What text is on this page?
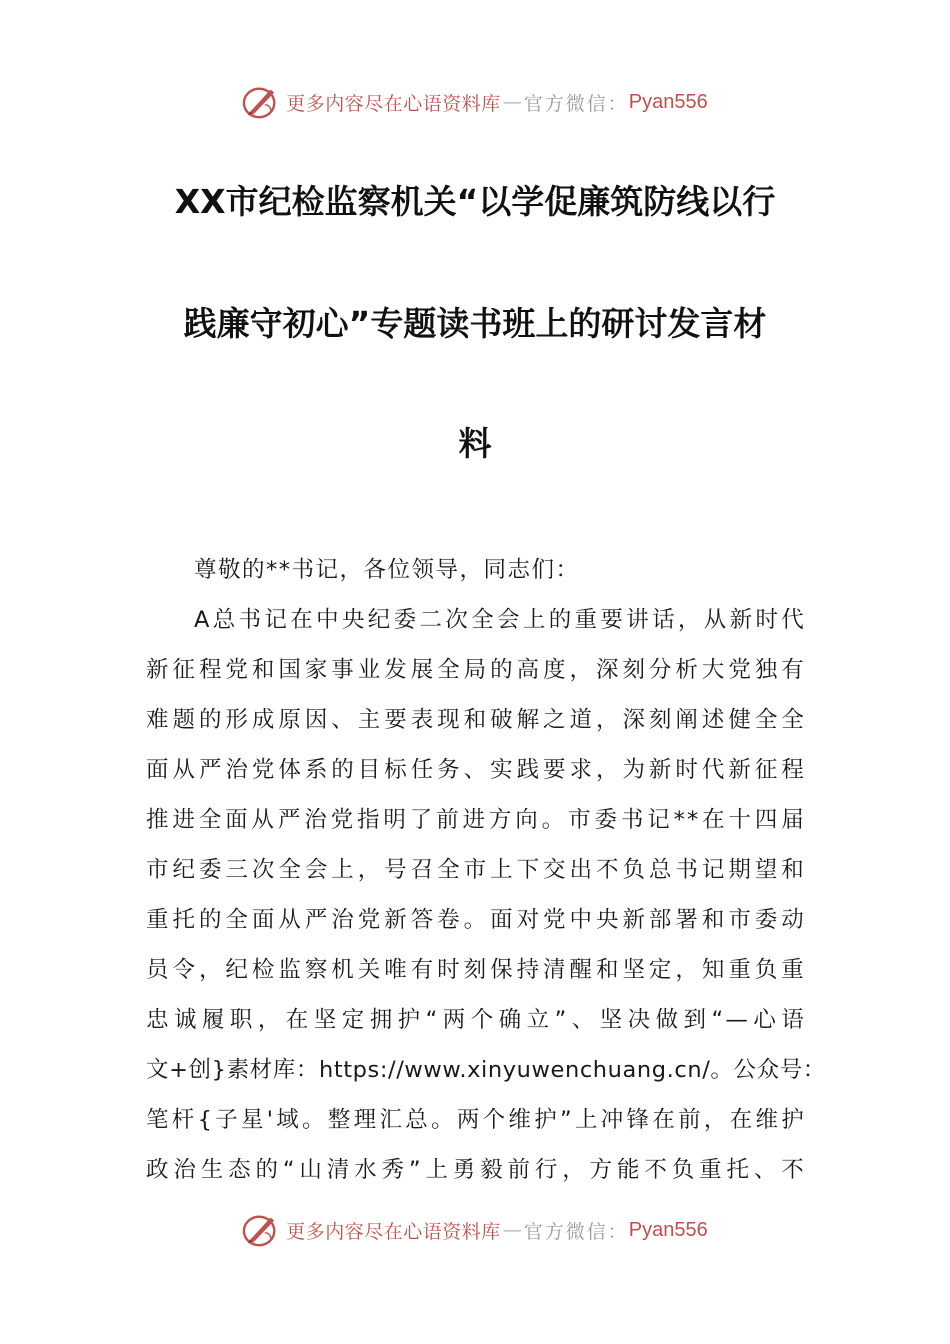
更多内容尽在心语资料库 — 官方微信： Pyan556
XX市纪检监察机关“以学促廉筑防线以行
践廉守初心”专题读书班上的研讨发言材
料
尊敬的**书记，各位领导，同志们：
A总书记在中央纪委二次全会上的重要讲话，从新时代
新征程党和国家事业发展全局的高度，深刻分析大党独有
难题的形成原因、主要表现和破解之道，深刻阐述健全全
面从严治党体系的目标任务、实践要求，为新时代新征程
推进全面从严治党指明了前进方向。市委书记**在十四届
市纪委三次全会上，号召全市上下交出不负总书记期望和
重托的全面从严治党新答卷。面对党中央新部署和市委动
员令，纪检监察机关唯有时刻保持清醒和坚定，知重负重
忠诚履职，在坚定拥护“两个确立”、坚决做到“—心语
文+创}素材库：https://www.xinyuwenchuang.cn/。公众号：
笔杆{子星'域。整理汇总。两个维护”上冲锋在前，在维护
政治生态的“山清水秀”上勇毅前行，方能不负重托、不
更多内容尽在心语资料库 — 官方微信： Pyan556
